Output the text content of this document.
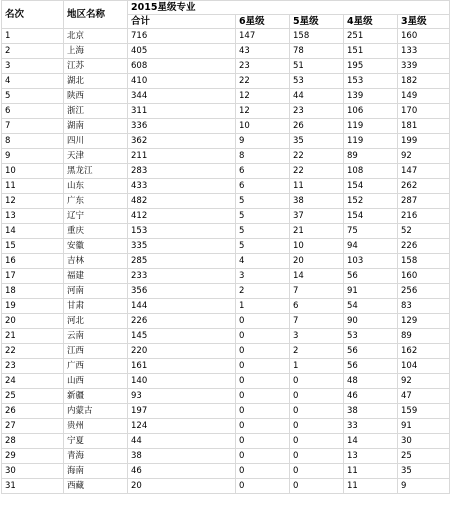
名次	地区名称	2015星级专业				
		合计	6星级	5星级	4星级	3星级
1	北京	716	147	158	251	160
2	上海	405	43	78	151	133
3	江苏	608	23	51	195	339
4	湖北	410	22	53	153	182
5	陕西	344	12	44	139	149
6	浙江	311	12	23	106	170
7	湖南	336	10	26	119	181
8	四川	362	9	35	119	199
9	天津	211	8	22	89	92
10	黑龙江	283	6	22	108	147
11	山东	433	6	11	154	262
12	广东	482	5	38	152	287
13	辽宁	412	5	37	154	216
14	重庆	153	5	21	75	52
15	安徽	335	5	10	94	226
16	吉林	285	4	20	103	158
17	福建	233	3	14	56	160
18	河南	356	2	7	91	256
19	甘肃	144	1	6	54	83
20	河北	226	0	7	90	129
21	云南	145	0	3	53	89
22	江西	220	0	2	56	162
23	广西	161	0	1	56	104
24	山西	140	0	0	48	92
25	新疆	93	0	0	46	47
26	内蒙古	197	0	0	38	159
27	贵州	124	0	0	33	91
28	宁夏	44	0	0	14	30
29	青海	38	0	0	13	25
30	海南	46	0	0	11	35
31	西藏	20	0	0	11	9
